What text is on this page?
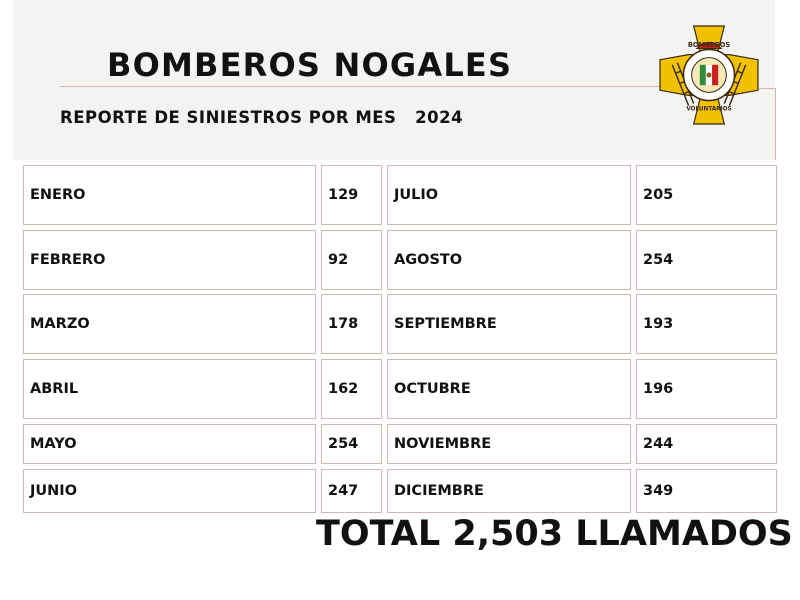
BOMBEROS NOGALES
REPORTE DE SINIESTROS POR MES   2024
BOMBEROS
VOLUNTARIOS
ENERO	129	JULIO	205
FEBRERO	92	AGOSTO	254
MARZO	178	SEPTIEMBRE	193
ABRIL	162	OCTUBRE	196
MAYO	254	NOVIEMBRE	244
JUNIO	247	DICIEMBRE	349
TOTAL 2,503 LLAMADOS
